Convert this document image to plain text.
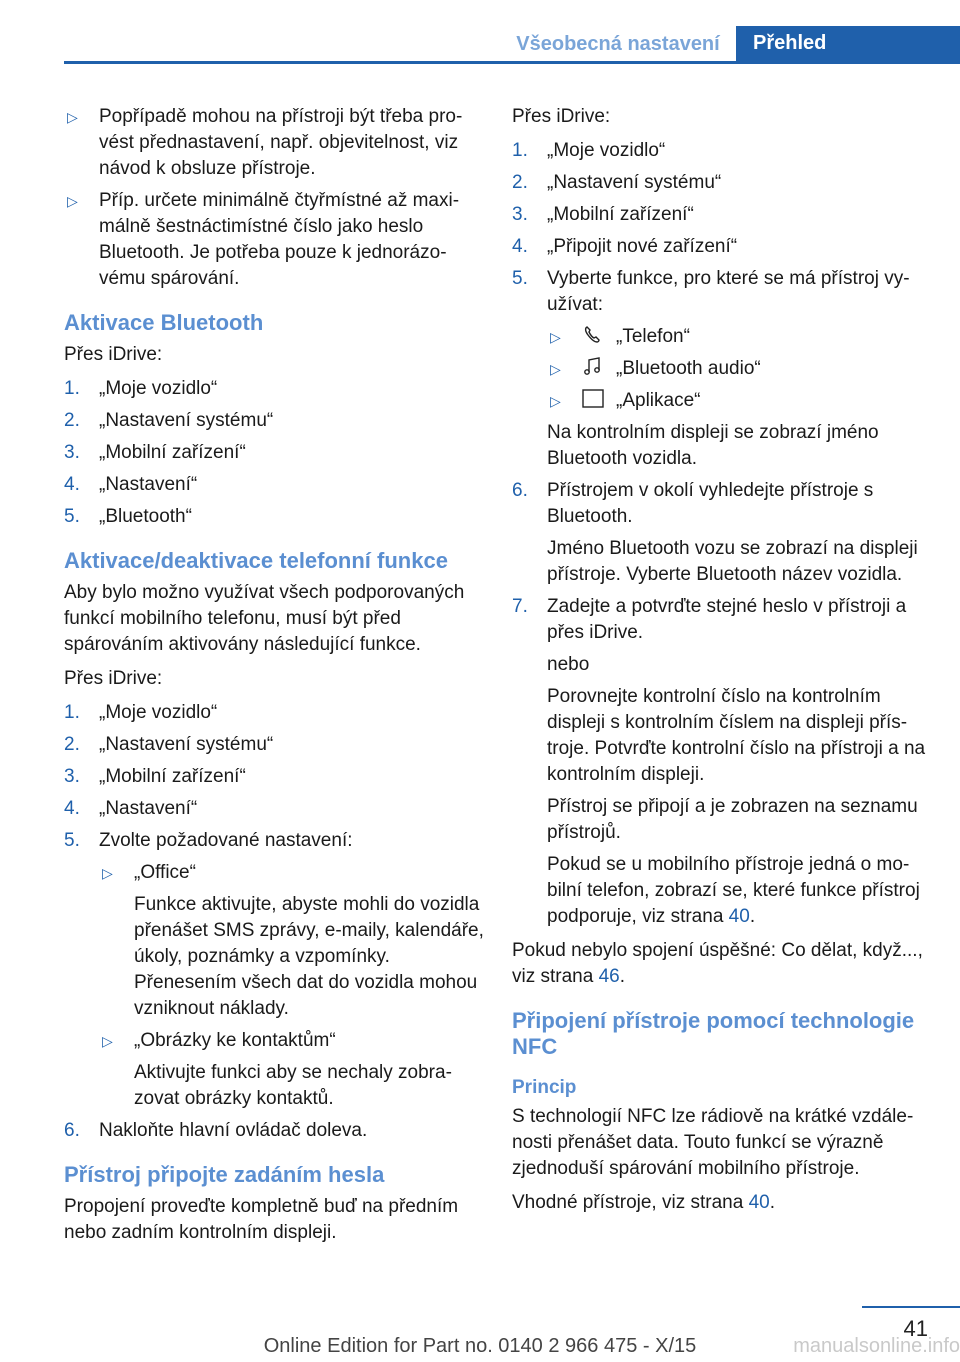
Všeobecná nastavení	Přehled
▷ Popřípadě mohou na přístroji být třeba provést přednastavení, např. objevitelnost, viz návod k obsluze přístroje.
▷ Příp. určete minimálně čtyřmístné až maximálně šestnáctimístné číslo jako heslo Bluetooth. Je potřeba pouze k jednorázovému spárování.
Aktivace Bluetooth

Přes iDrive:

1. „Moje vozidlo“
2. „Nastavení systému“
3. „Mobilní zařízení“
4. „Nastavení“
5. „Bluetooth“
Aktivace/deaktivace telefonní funkce

Aby bylo možno využívat všech podporovaných funkcí mobilního telefonu, musí být před spárováním aktivovány následující funkce.

Přes iDrive:

1. „Moje vozidlo“
2. „Nastavení systému“
3. „Mobilní zařízení“
4. „Nastavení“
5. Zvolte požadované nastavení:
▷ „Office“

Funkce aktivujte, abyste mohli do vozidla přenášet SMS zprávy, e-maily, kalendáře, úkoly, poznámky a vzpomínky. Přenesením všech dat do vozidla mohou vzniknout náklady.

▷ „Obrázky ke kontaktům“

Aktivujte funkci aby se nechaly zobrazovat obrázky kontaktů.

6. Nakloňte hlavní ovládač doleva.
Přístroj připojte zadáním hesla

Propojení proveďte kompletně buď na předním nebo zadním kontrolním displeji.

Přes iDrive:

1. „Moje vozidlo“
2. „Nastavení systému“
3. „Mobilní zařízení“
4. „Připojit nové zařízení“
5. Vyberte funkce, pro které se má přístroj využívat:
▷	„Telefon“
▷	„Bluetooth audio“
▷	„Aplikace“

Na kontrolním displeji se zobrazí jméno Bluetooth vozidla.

6. Přístrojem v okolí vyhledejte přístroje s Bluetooth.

Jméno Bluetooth vozu se zobrazí na displeji přístroje. Vyberte Bluetooth název vozidla.

7. Zadejte a potvrďte stejné heslo v přístroji a přes iDrive.

nebo

Porovnejte kontrolní číslo na kontrolním displeji s kontrolním číslem na displeji přístroje. Potvrďte kontrolní číslo na přístroji a na kontrolním displeji.

Přístroj se připojí a je zobrazen na seznamu přístrojů.

Pokud se u mobilního přístroje jedná o mobilní telefon, zobrazí se, které funkce přístroj podporuje, viz strana 40.

Pokud nebylo spojení úspěšné: Co dělat, když..., viz strana 46.

Připojení přístroje pomocí technologie NFC
Princip

S technologií NFC lze rádiově na krátké vzdálenosti přenášet data. Touto funkcí se výrazně zjednoduší spárování mobilního přístroje.

Vhodné přístroje, viz strana 40.

41
Online Edition for Part no. 0140 2 966 475 - X/15	manualsonline.info
